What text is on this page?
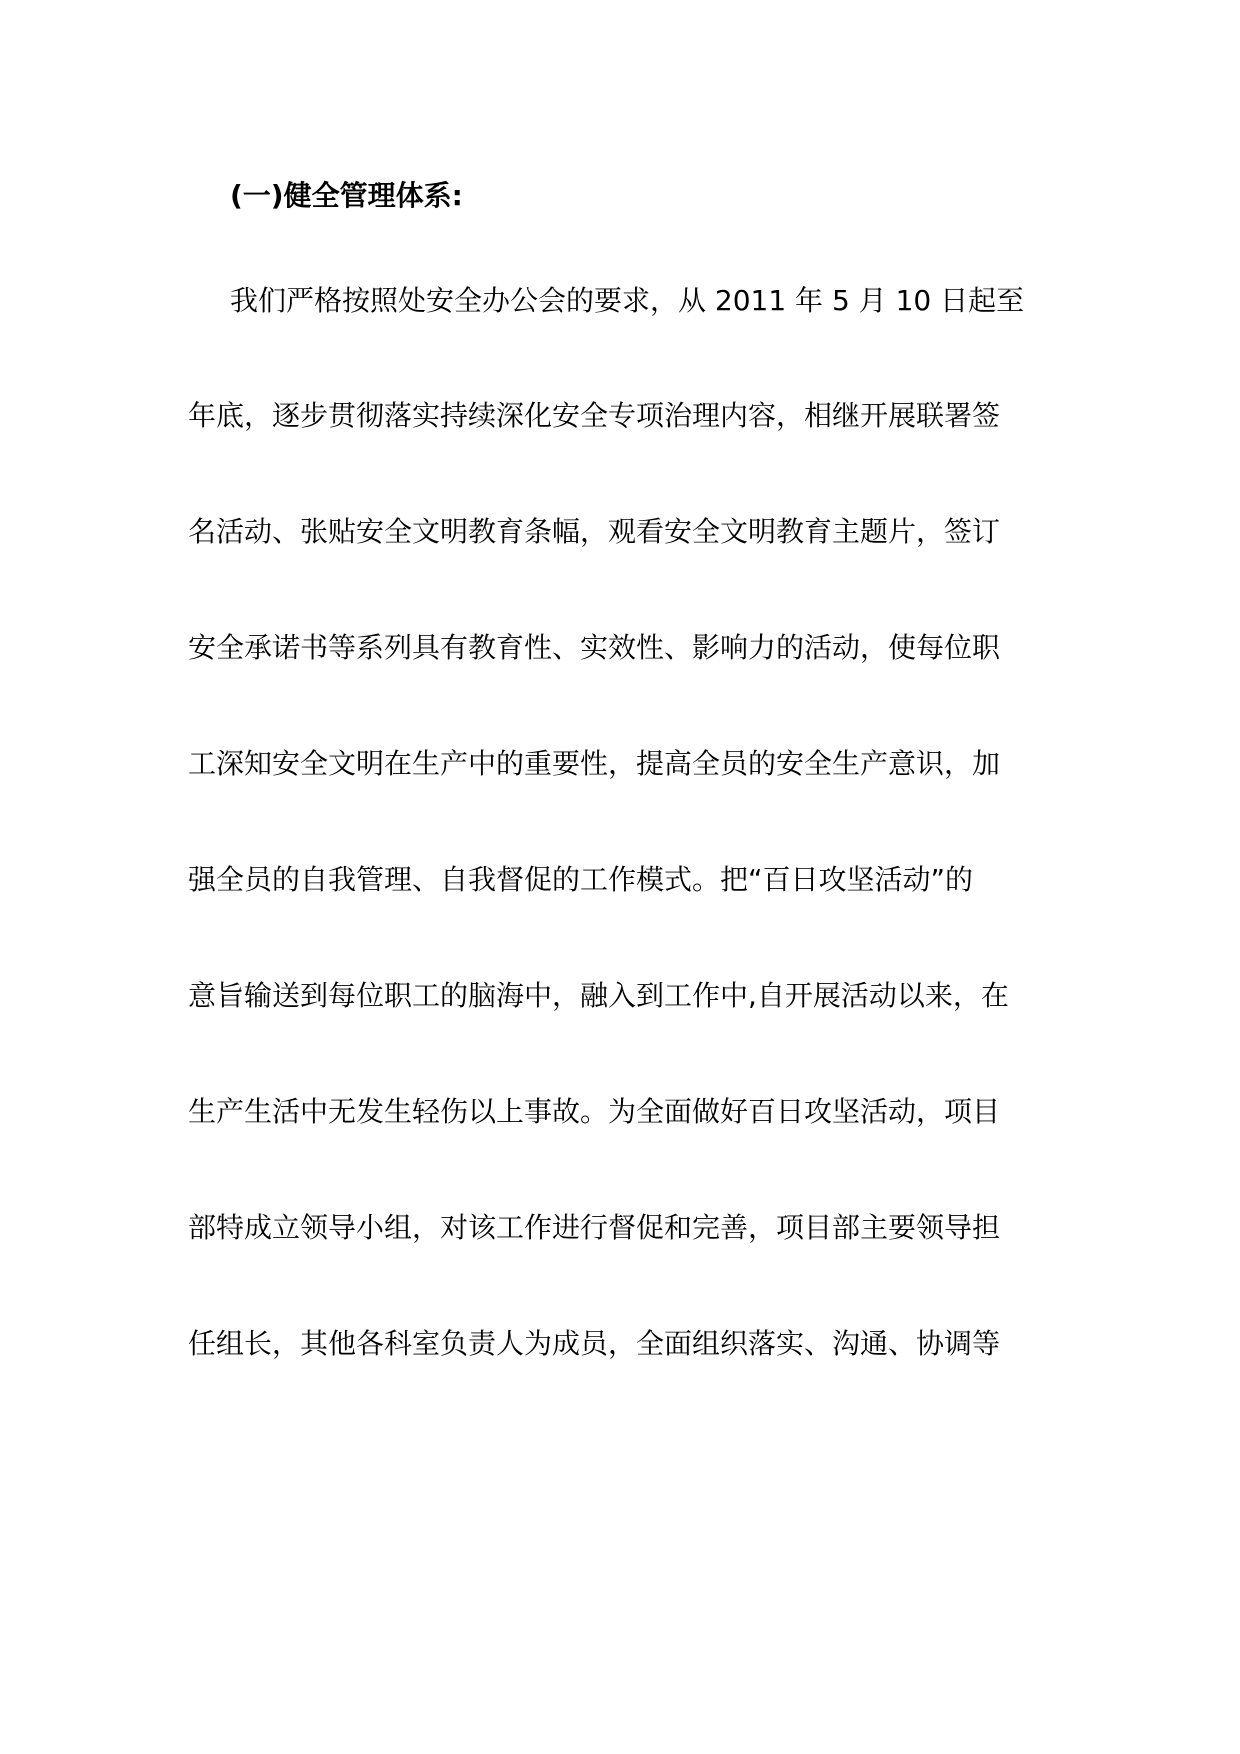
(一)健全管理体系:
我们严格按照处安全办公会的要求，从 2011 年 5 月 10 日起至
年底，逐步贯彻落实持续深化安全专项治理内容，相继开展联署签
名活动、张贴安全文明教育条幅，观看安全文明教育主题片，签订
安全承诺书等系列具有教育性、实效性、影响力的活动，使每位职
工深知安全文明在生产中的重要性，提高全员的安全生产意识，加
强全员的自我管理、自我督促的工作模式。把“百日攻坚活动”的
意旨输送到每位职工的脑海中，融入到工作中,自开展活动以来，在
生产生活中无发生轻伤以上事故。为全面做好百日攻坚活动，项目
部特成立领导小组，对该工作进行督促和完善，项目部主要领导担
任组长，其他各科室负责人为成员，全面组织落实、沟通、协调等
